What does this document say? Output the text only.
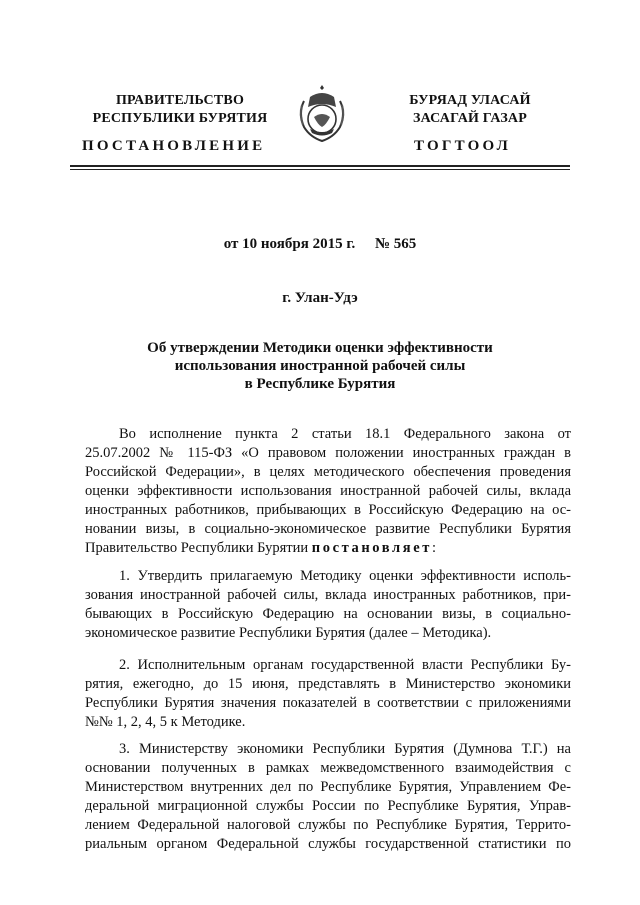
ПРАВИТЕЛЬСТВО
РЕСПУБЛИКИ БУРЯТИЯ
БУРЯАД УЛАСАЙ
ЗАСАГАЙ ГАЗАР
ПОСТАНОВЛЕНИЕ	ТОГТООЛ
от 10 ноября 2015 г. № 565
г. Улан-Удэ
Об утверждении Методики оценки эффективности
использования иностранной рабочей силы
в Республике Бурятия
Во исполнение пункта 2 статьи 18.1 Федерального закона от
25.07.2002 № 115-ФЗ «О правовом положении иностранных граждан в
Российской Федерации», в целях методического обеспечения проведения
оценки эффективности использования иностранной рабочей силы, вклада
иностранных работников, прибывающих в Российскую Федерацию на ос-
новании визы, в социально-экономическое развитие Республики Бурятия
Правительство Республики Бурятии постановляет:
1. Утвердить прилагаемую Методику оценки эффективности исполь-
зования иностранной рабочей силы, вклада иностранных работников, при-
бывающих в Российскую Федерацию на основании визы, в социально-
экономическое развитие Республики Бурятия (далее – Методика).
2. Исполнительным органам государственной власти Республики Бу-
рятия, ежегодно, до 15 июня, представлять в Министерство экономики
Республики Бурятия значения показателей в соответствии с приложениями
№№ 1, 2, 4, 5 к Методике.
3. Министерству экономики Республики Бурятия (Думнова Т.Г.) на
основании полученных в рамках межведомственного взаимодействия с
Министерством внутренних дел по Республике Бурятия, Управлением Фе-
деральной миграционной службы России по Республике Бурятия, Управ-
лением Федеральной налоговой службы по Республике Бурятия, Террито-
риальным органом Федеральной службы государственной статистики по
